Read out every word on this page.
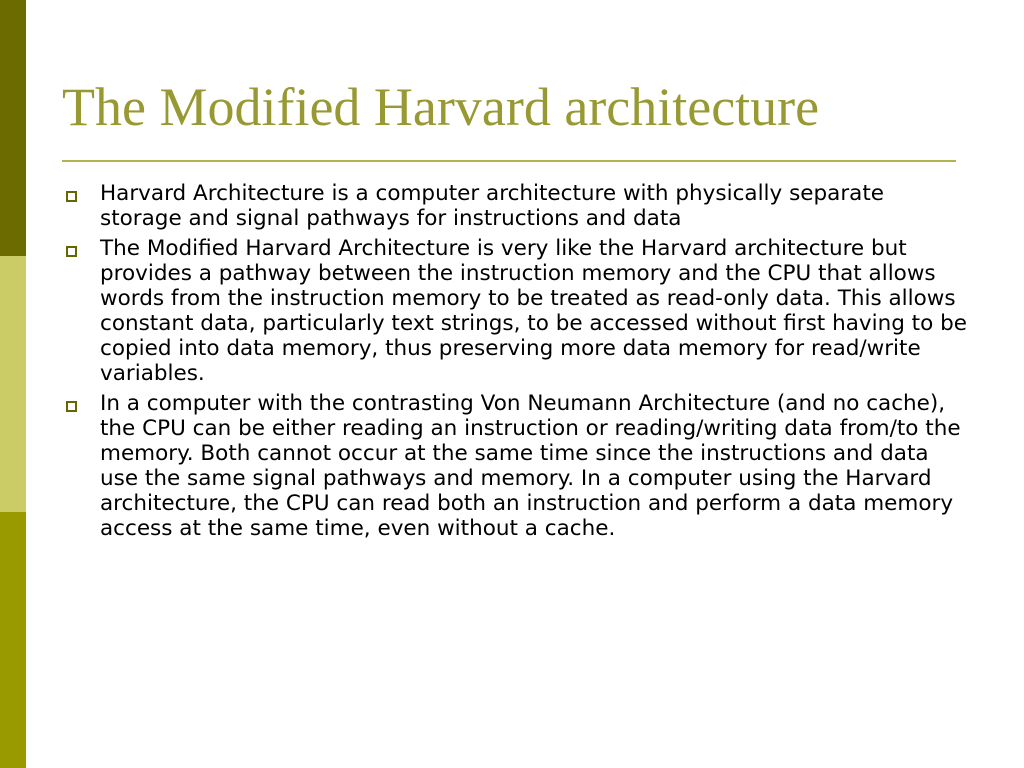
The Modified Harvard architecture
Harvard Architecture is a computer architecture with physically separate storage and signal pathways for instructions and data
The Modified Harvard Architecture is very like the Harvard architecture but provides a pathway between the instruction memory and the CPU that allows words from the instruction memory to be treated as read-only data. This allows constant data, particularly text strings, to be accessed without first having to be copied into data memory, thus preserving more data memory for read/write variables.
In a computer with the contrasting Von Neumann Architecture (and no cache), the CPU can be either reading an instruction or reading/writing data from/to the memory. Both cannot occur at the same time since the instructions and data use the same signal pathways and memory. In a computer using the Harvard architecture, the CPU can read both an instruction and perform a data memory access at the same time, even without a cache.
